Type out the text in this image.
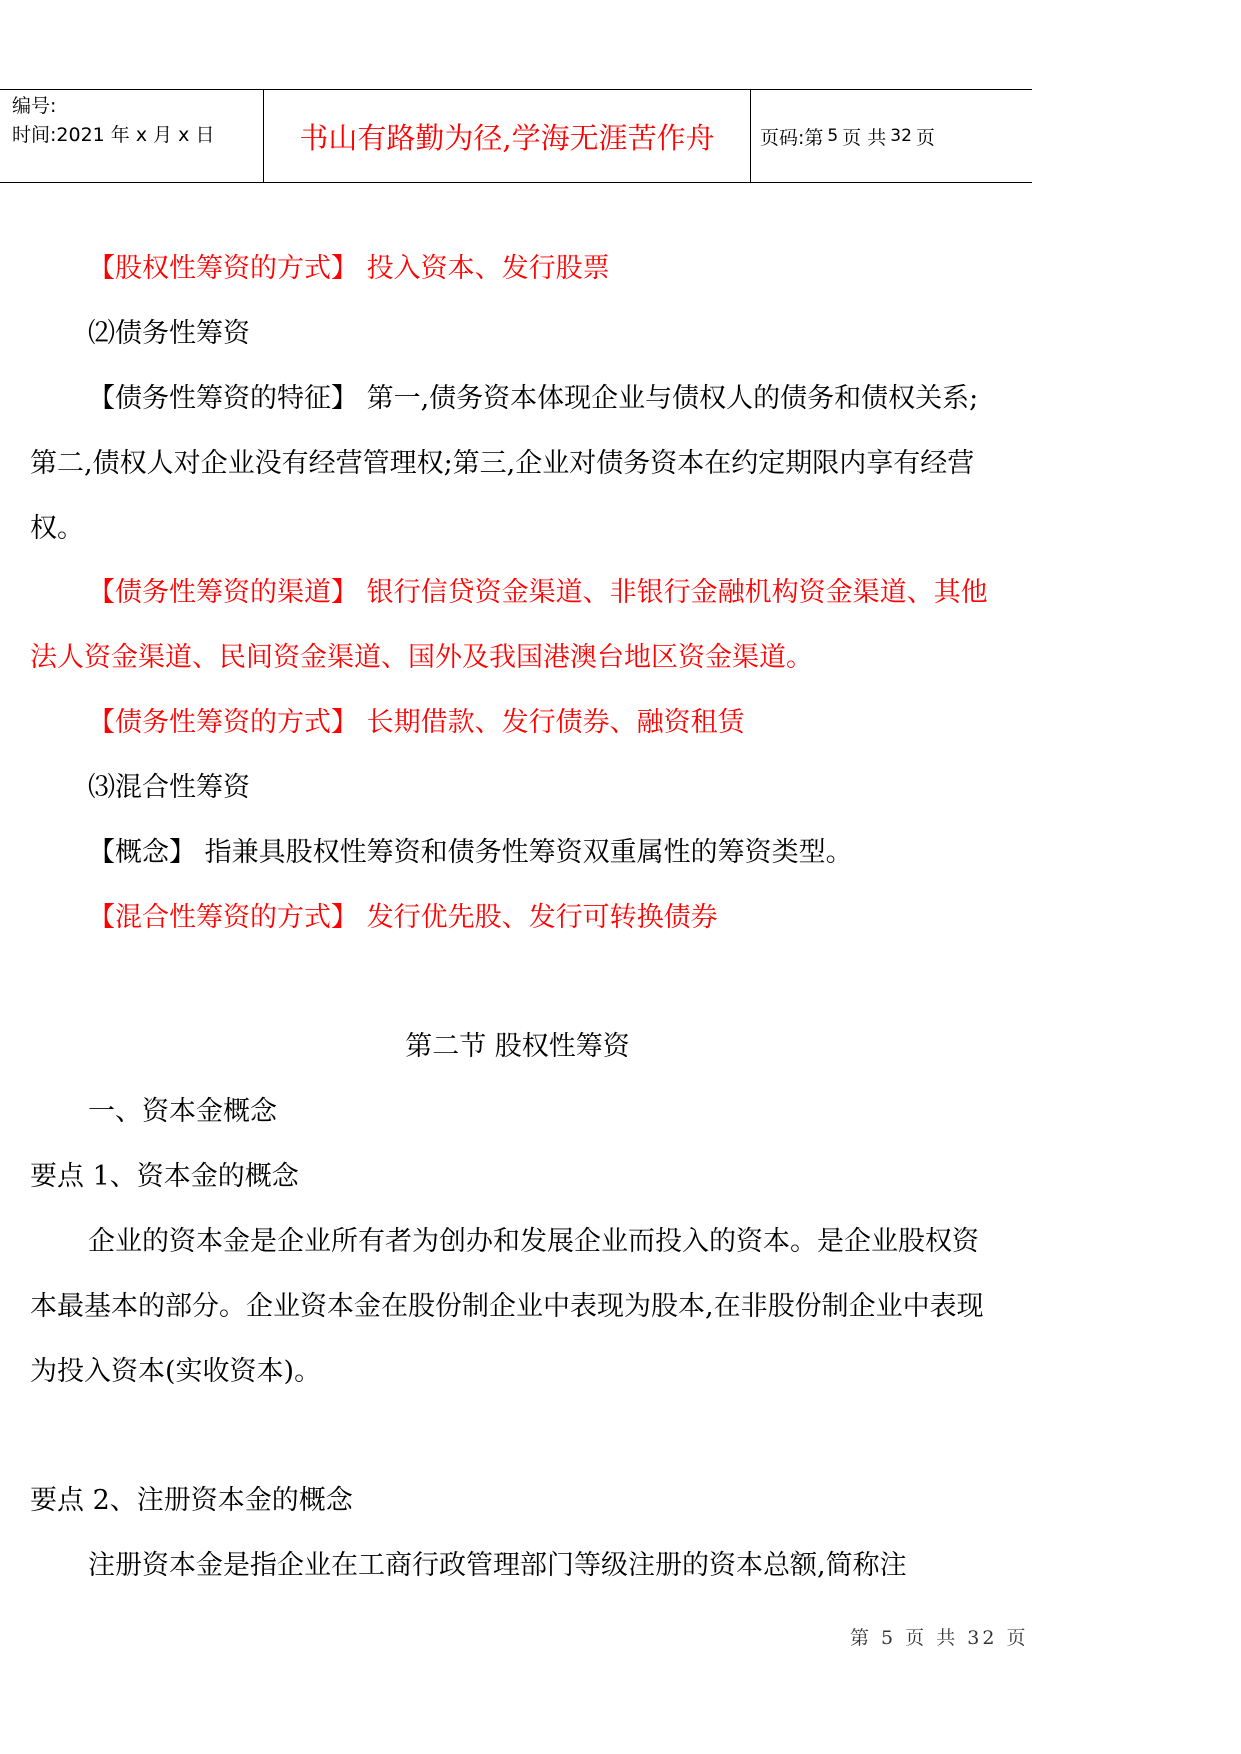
编号:
时间:2021 年 x 月 x 日	书山有路勤为径,学海无涯苦作舟	页码:第 5 页 共 32 页

【股权性筹资的方式】 投入资本、发行股票

⑵债务性筹资

【债务性筹资的特征】 第一,债务资本体现企业与债权人的债务和债权关系;第二,债权人对企业没有经营管理权;第三,企业对债务资本在约定期限内享有经营权。

【债务性筹资的渠道】 银行信贷资金渠道、非银行金融机构资金渠道、其他法人资金渠道、民间资金渠道、国外及我国港澳台地区资金渠道。

【债务性筹资的方式】 长期借款、发行债券、融资租赁

⑶混合性筹资

【概念】 指兼具股权性筹资和债务性筹资双重属性的筹资类型。

【混合性筹资的方式】 发行优先股、发行可转换债券

第二节 股权性筹资

一、资本金概念

要点 1、资本金的概念

企业的资本金是企业所有者为创办和发展企业而投入的资本。是企业股权资本最基本的部分。企业资本金在股份制企业中表现为股本,在非股份制企业中表现为投入资本(实收资本)。

要点 2、注册资本金的概念

注册资本金是指企业在工商行政管理部门等级注册的资本总额,简称注

第 5 页 共 32 页
